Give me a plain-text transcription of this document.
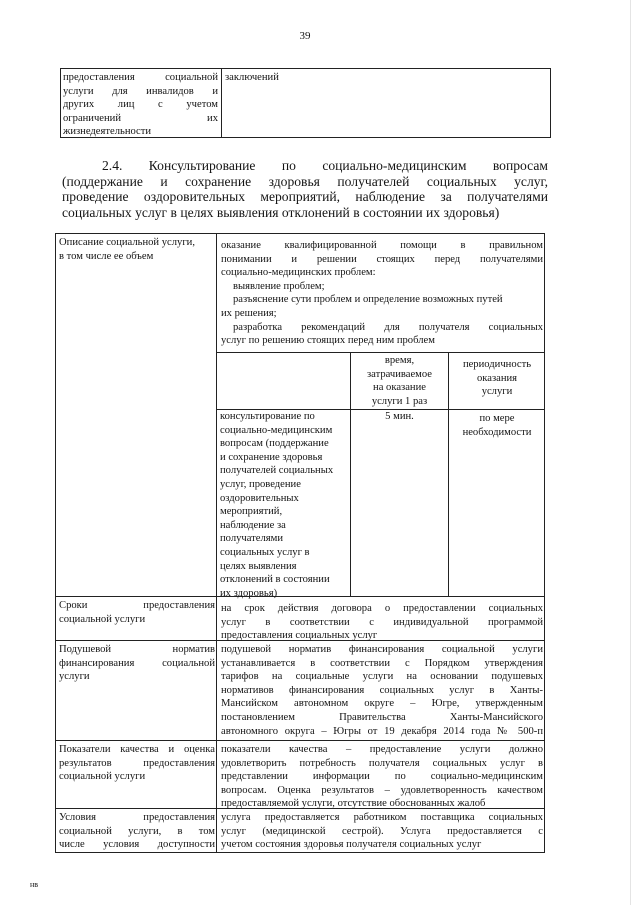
39
предоставления социальной
услуги для инвалидов и
других лиц с учетом
ограничений их
жизнедеятельности
заключений
2.4. Консультирование по социально-медицинским вопросам
(поддержание и сохранение здоровья получателей социальных услуг,
проведение оздоровительных мероприятий, наблюдение за получателями
социальных услуг в целях выявления отклонений в состоянии их здоровья)
Описание социальной услуги,
в том числе ее объем
оказание квалифицированной помощи в правильном
понимании и решении стоящих перед получателями
социально-медицинских проблем:
выявление проблем;
разъяснение сути проблем и определение возможных путей
их решения;
разработка рекомендаций для получателя социальных
услуг по решению стоящих перед ним проблем
время,
затрачиваемое
на оказание
услуги 1 раз
периодичность
оказания
услуги
консультирование по
социально-медицинским
вопросам (поддержание
и сохранение здоровья
получателей социальных
услуг, проведение
оздоровительных
мероприятий,
наблюдение за
получателями
социальных услуг в
целях выявления
отклонений в состоянии
их здоровья)
5 мин.	по мере
необходимости
Сроки предоставления
социальной услуги
на срок действия договора о предоставлении социальных
услуг в соответствии с индивидуальной программой
предоставления социальных услуг
Подушевой норматив
финансирования социальной
услуги
подушевой норматив финансирования социальной услуги
устанавливается в соответствии с Порядком утверждения
тарифов на социальные услуги на основании подушевых
нормативов финансирования социальных услуг в Ханты-
Мансийском автономном округе – Югре, утвержденным
постановлением Правительства Ханты-Мансийского
автономного округа – Югры от 19 декабря 2014 года № 500-п
Показатели качества и оценка
результатов предоставления
социальной услуги
показатели качества – предоставление услуги должно
удовлетворить потребность получателя социальных услуг в
представлении информации по социально-медицинским
вопросам. Оценка результатов – удовлетворенность качеством
предоставляемой услуги, отсутствие обоснованных жалоб
Условия предоставления
социальной услуги, в том
числе условия доступности
услуга предоставляется работником поставщика социальных
услуг (медицинской сестрой). Услуга предоставляется с
учетом состояния здоровья получателя социальных услуг
нв
